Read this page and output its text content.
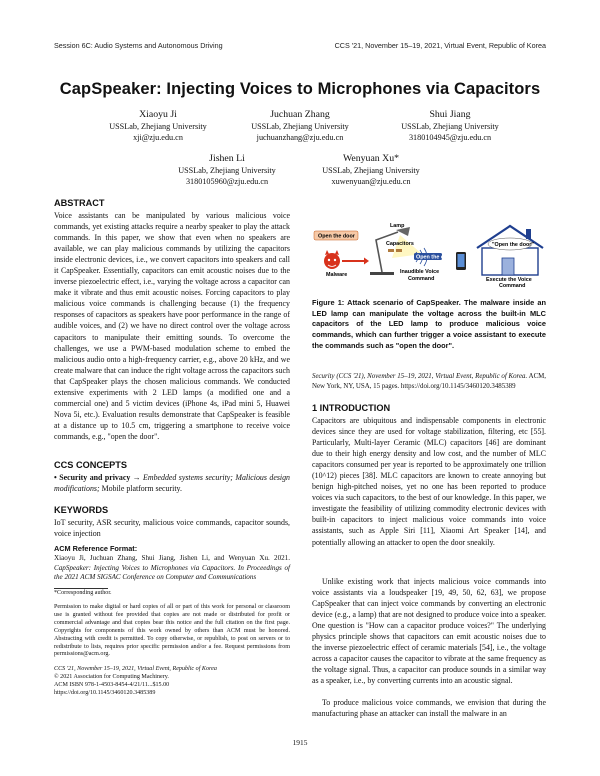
Session 6C: Audio Systems and Autonomous Driving	CCS '21, November 15–19, 2021, Virtual Event, Republic of Korea
CapSpeaker: Injecting Voices to Microphones via Capacitors
Xiaoyu Ji
USSLab, Zhejiang University
xji@zju.edu.cn
Juchuan Zhang
USSLab, Zhejiang University
juchuanzhang@zju.edu.cn
Shui Jiang
USSLab, Zhejiang University
3180104945@zju.edu.cn
Jishen Li
USSLab, Zhejiang University
3180105960@zju.edu.cn
Wenyuan Xu*
USSLab, Zhejiang University
xuwenyuan@zju.edu.cn
ABSTRACT

Voice assistants can be manipulated by various malicious voice commands, yet existing attacks require a nearby speaker to play the attack commands. In this paper, we show that even when no speakers are available, we can play malicious commands by utilizing the capacitors inside electronic devices, i.e., we convert capacitors into speakers and call it CapSpeaker. Essentially, capacitors can emit acoustic noises due to the inverse piezoelectric effect, i.e., varying the voltage across a capacitor can make it vibrate and thus emit acoustic noises. Forcing capacitors to play malicious voice commands is challenging because (1) the frequency responses of capacitors as speakers have poor performance in the range of audible voices, and (2) we have no direct control over the voltage across capacitors to manipulate their emitting sounds. To overcome the challenges, we use a PWM-based modulation scheme to embed the malicious audio onto a high-frequency carrier, e.g., above 20 kHz, and we create malware that can induce the right voltage across the capacitors such that CapSpeaker plays the chosen malicious commands. We conducted extensive experiments with 2 LED lamps (a modified one and a commercial one) and 5 victim devices (iPhone 4s, iPad mini 5, Huawei Nova 5i, etc.). Evaluation results demonstrate that CapSpeaker is feasible at a distance up to 10.5 cm, triggering a smartphone to receive voice commands, e.g., "open the door".

CCS CONCEPTS

• Security and privacy → Embedded systems security; Malicious design modifications; Mobile platform security.

KEYWORDS

IoT security, ASR security, malicious voice commands, capacitor sounds, voice injection

ACM Reference Format:

Xiaoyu Ji, Juchuan Zhang, Shui Jiang, Jishen Li, and Wenyuan Xu. 2021. CapSpeaker: Injecting Voices to Microphones via Capacitors. In Proceedings of the 2021 ACM SIGSAC Conference on Computer and Communications

*Corresponding author.

Permission to make digital or hard copies of all or part of this work for personal or classroom use is granted without fee provided that copies are not made or distributed for profit or commercial advantage and that copies bear this notice and the full citation on the first page. Copyrights for components of this work owned by others than ACM must be honored. Abstracting with credit is permitted. To copy otherwise, or republish, to post on servers or to redistribute to lists, requires prior specific permission and/or a fee. Request permissions from permissions@acm.org.

CCS '21, November 15–19, 2021, Virtual Event, Republic of Korea

© 2021 Association for Computing Machinery.

ACM ISBN 978-1-4503-8454-4/21/11...$15.00

https://doi.org/10.1145/3460120.3485389

Open the door
Malware
Lamp
Capacitors
Open the door
Inaudible Voice
Command
"Open the door"
Execute the Voice
Command

Figure 1: Attack scenario of CapSpeaker. The malware inside an LED lamp can manipulate the voltage across the built-in MLC capacitors of the LED lamp to produce malicious voice commands, which can further trigger a voice assistant to execute the commands such as "open the door".

Security (CCS '21), November 15–19, 2021, Virtual Event, Republic of Korea. ACM, New York, NY, USA, 15 pages. https://doi.org/10.1145/3460120.3485389

1 INTRODUCTION

Capacitors are ubiquitous and indispensable components in electronic devices since they are used for voltage stabilization, filtering, etc [55]. Particularly, Multi-layer Ceramic (MLC) capacitors [46] are dominant due to their high energy density and low cost, and the number of MLC capacitors consumed per year is reported to be approximately one trillion (10^12) pieces [38]. MLC capacitors are known to create annoying but benign high-pitched noises, yet no one has been reported to produce voices via such capacitors, to the best of our knowledge. In this paper, we investigate the feasibility of utilizing commodity electronic devices with built-in capacitors to inject malicious voice commands into voice assistants, such as Apple Siri [11], Xiaomi Art Speaker [14], and potentially allowing an attacker to open the door sneakily.

Unlike existing work that injects malicious voice commands into voice assistants via a loudspeaker [19, 49, 50, 62, 63], we propose CapSpeaker that can inject voice commands by converting an electronic device (e.g., a lamp) that are not designed to produce voice into a speaker. One question is "How can a capacitor produce voices?" The underlying physics principle shows that capacitors can emit acoustic noises due to the inverse piezoelectric effect of ceramic materials [54], i.e., the voltage across a capacitor causes the capacitor to vibrate at the same frequency as the voltage signal. Thus, a capacitor can produce sounds in a similar way as a speaker, i.e., by converting currents into an acoustic signal.

To produce malicious voice commands, we envision that during the manufacturing phase an attacker can install the malware in an

1915
